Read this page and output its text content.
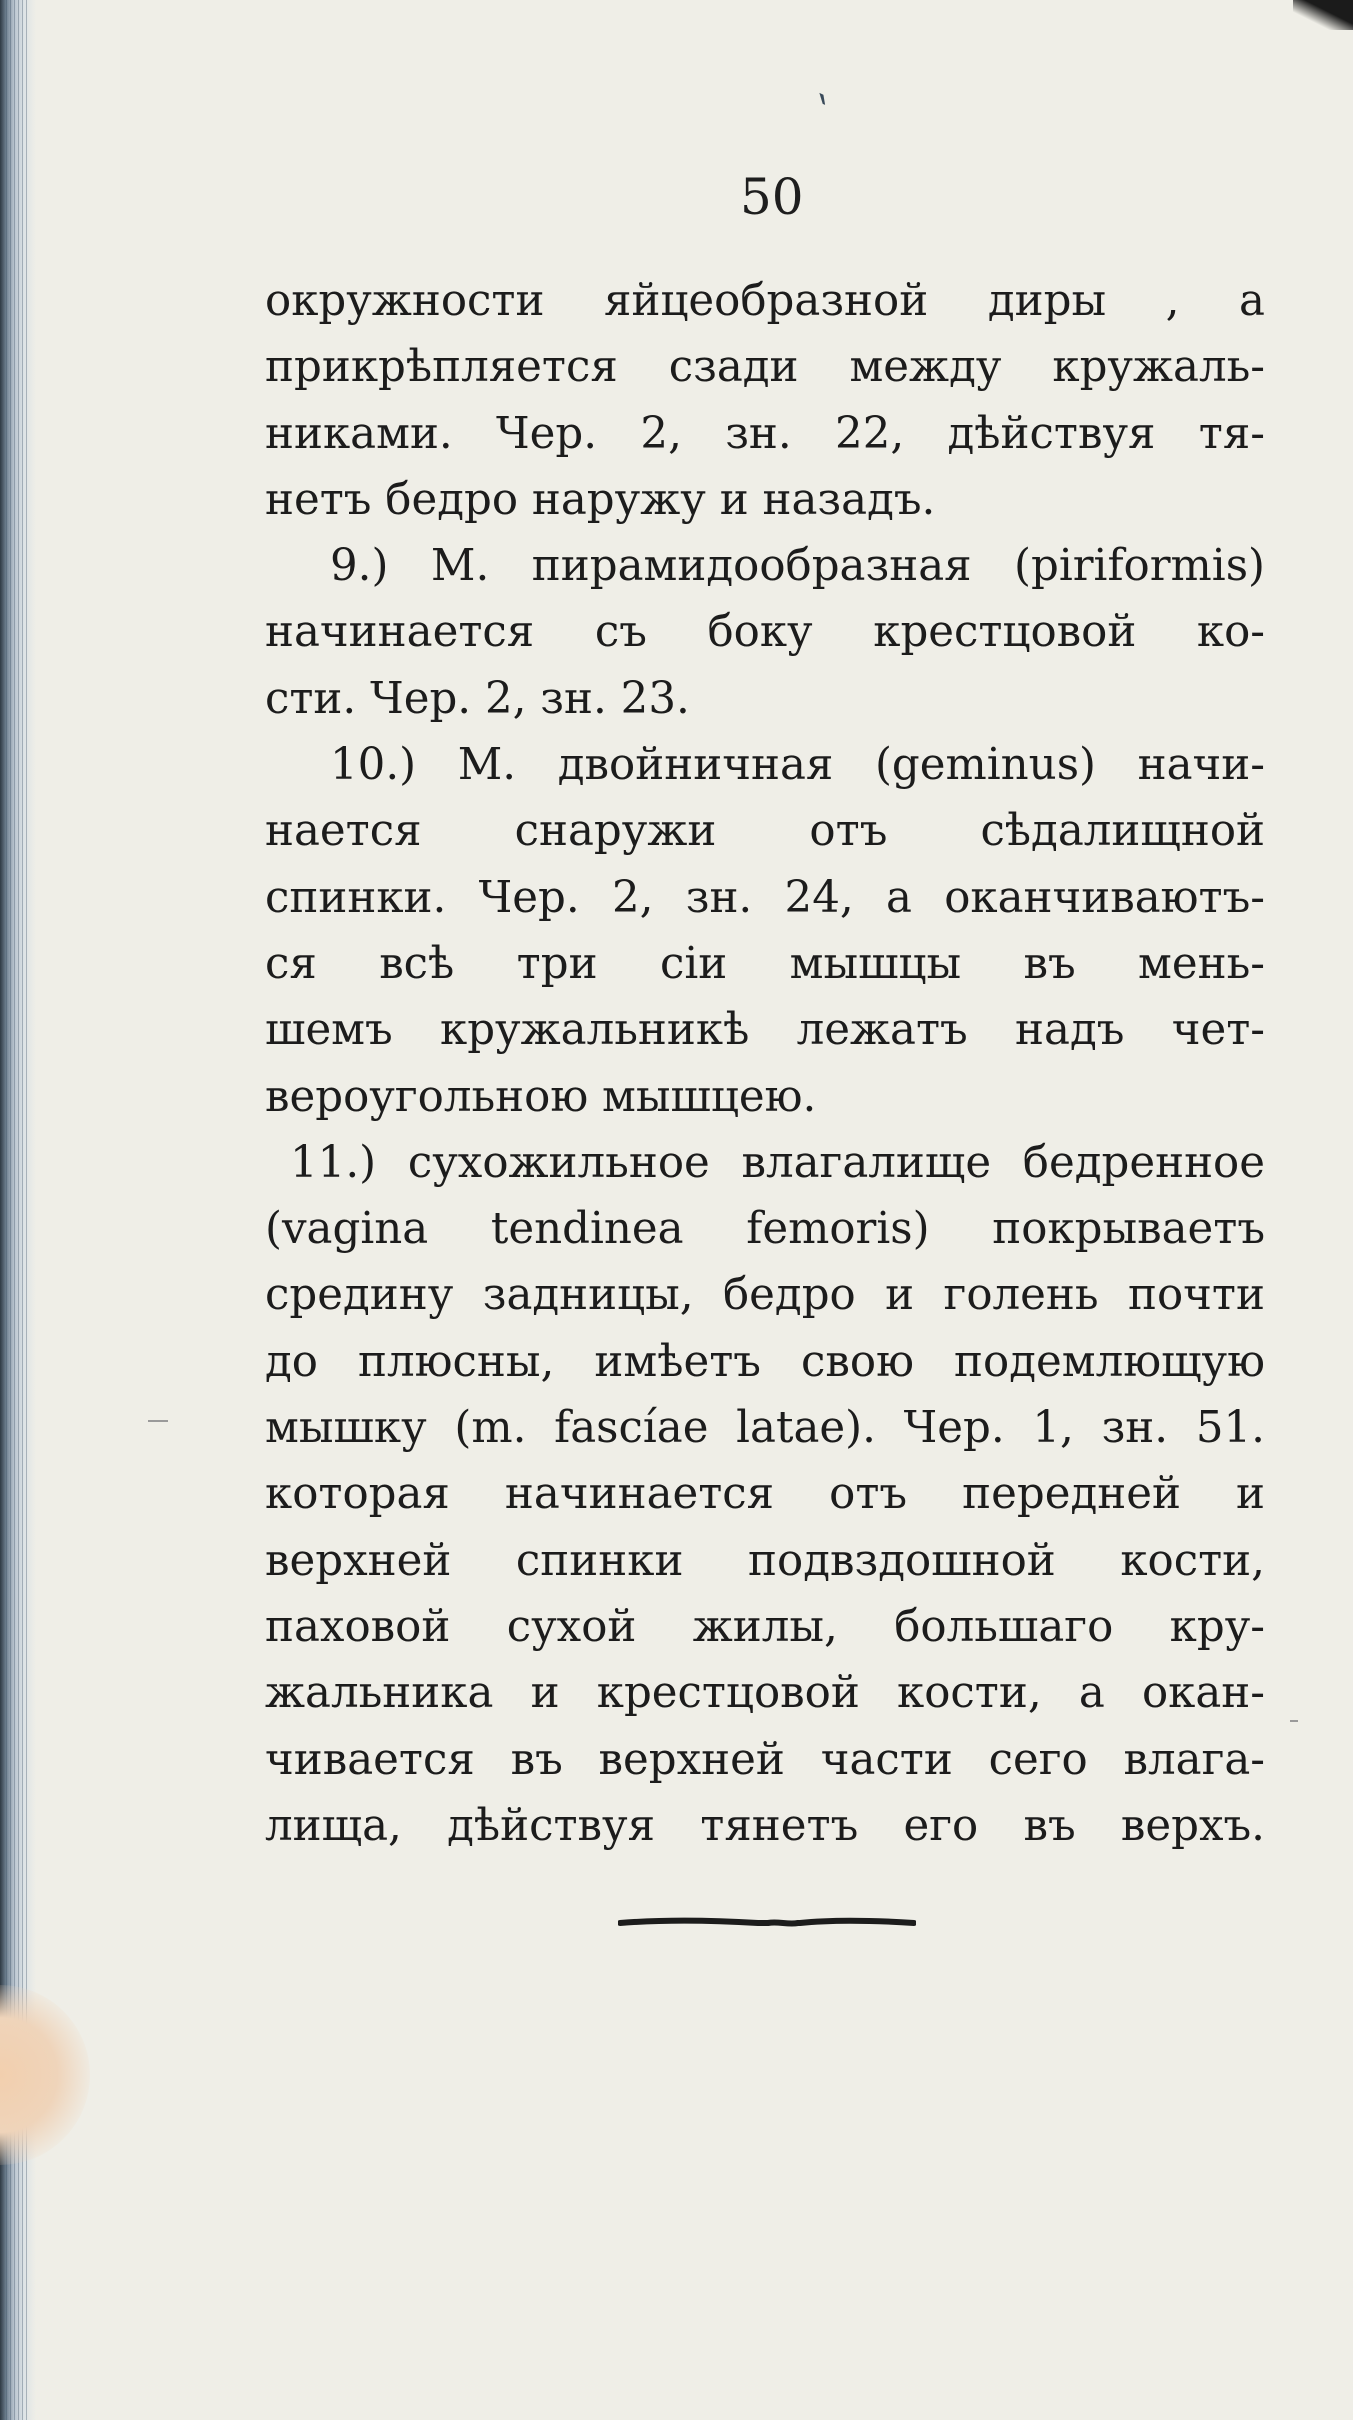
ˋ
50
окружности яйцеобразной диры , а
прикрѣпляется сзади между кружаль-
никами. Чер. 2, зн. 22, дѣйствуя тя-
нетъ бедро наружу и назадъ.
9.) М. пирамидообразная (piriformis)
начинается съ боку крестцовой ко-
сти. Чер. 2, зн. 23.
10.) М. двойничная (geminus) начи-
нается снаружи отъ сѣдалищной
спинки. Чер. 2, зн. 24, а оканчиваютъ-
ся всѣ три сіи мышцы въ мень-
шемъ кружальникѣ лежатъ надъ чет-
вероугольною мышцею.
11.) сухожильное влагалище бедренное
(vagina tendinea femoris) покрываетъ
средину задницы, бедро и голень почти
до плюсны, имѣетъ свою подемлющую
мышку (m. fascíae latae). Чер. 1, зн. 51.
которая начинается отъ передней и
верхней спинки подвздошной кости,
паховой сухой жилы, большаго кру-
жальника и крестцовой кости, а окан-
чивается въ верхней части сего влага-
лища, дѣйствуя тянетъ его въ верхъ.
